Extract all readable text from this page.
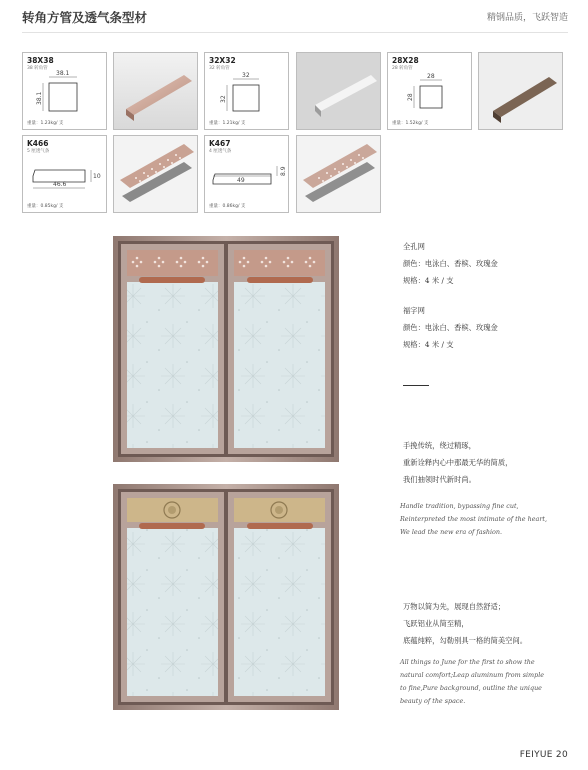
转角方管及透气条型材	精钢品质，飞跃智造
38.1
38.1
38X38
38 转角管
重量：1.23kg/ 支
32
32
32X32
32 转角管
重量：1.21kg/ 支
28
28
28X28
28 转角管
重量：1.52kg/ 支
46.6
10
K466
5 厘透气条
重量：0.85kg/ 支
49
8.9
K467
4 厘透气条
重量：0.86kg/ 支
全孔网
颜色：电泳白、香槟、玫瑰金
规格：4 米 / 支
福字网
颜色：电泳白、香槟、玫瑰金
规格：4 米 / 支
手挽传统，绕过精琢，
重新诠释内心中那最无华的简质，
我们抽领时代新时尚。
Handle tradition, bypassing fine cut,
Reinterpreted the most intimate of the heart,
We lead the new era of fashion.
万物以简为先，展现自然舒适；
飞跃铝业从简至精，
底蕴纯粹，勾勒别具一格的简美空间。
All things to June for the first to show the
natural comfort;Leap aluminum from simple
to fine,Pure background, outline the unique
beauty of the space.
FEIYUE 20
